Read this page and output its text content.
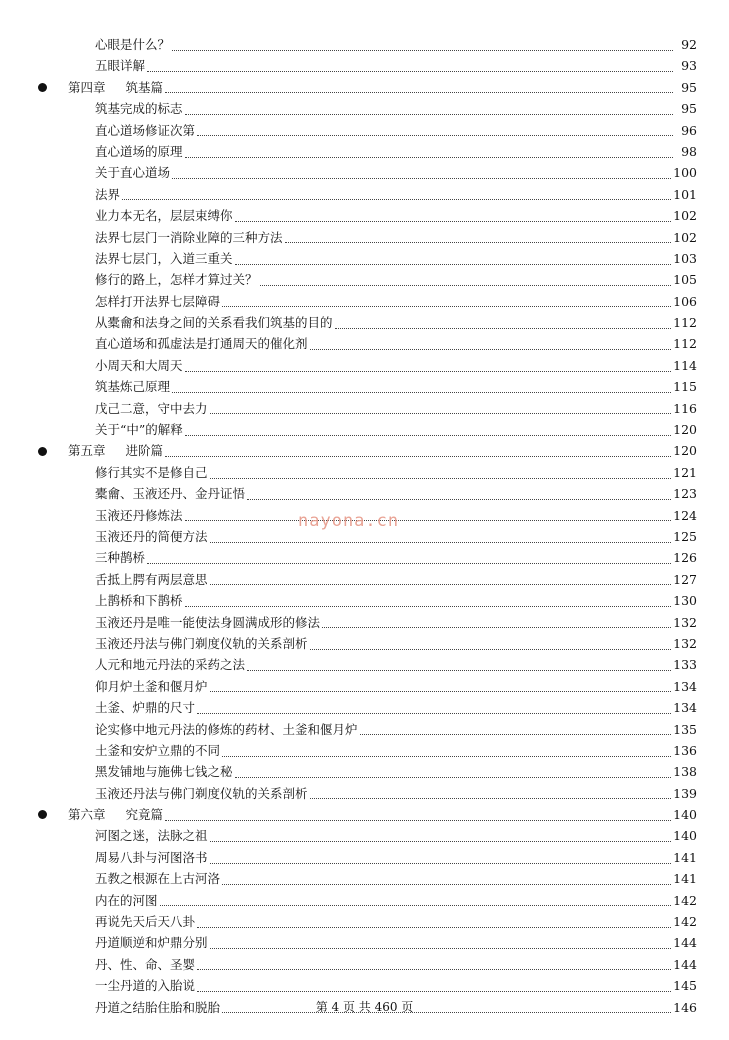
心眼是什么？	92
五眼详解	93
第四章 筑基篇	95
筑基完成的标志	95
直心道场修证次第	96
直心道场的原理	98
关于直心道场	100
法界	101
业力本无名，层层束缚你	102
法界七层门一消除业障的三种方法	102
法界七层门，入道三重关	103
修行的路上，怎样才算过关？	105
怎样打开法界七层障碍	106
从橐龠和法身之间的关系看我们筑基的目的	112
直心道场和孤虚法是打通周天的催化剂	112
小周天和大周天	114
筑基炼己原理	115
戊己二意，守中去力	116
关于“中”的解释	120
第五章 进阶篇	120
修行其实不是修自己	121
橐龠、玉液还丹、金丹证悟	123
玉液还丹修炼法	124
玉液还丹的简便方法	125
三种鹊桥	126
舌抵上腭有两层意思	127
上鹊桥和下鹊桥	130
玉液还丹是唯一能使法身圆满成形的修法	132
玉液还丹法与佛门剃度仪轨的关系剖析	132
人元和地元丹法的采药之法	133
仰月炉土釜和偃月炉	134
土釜、炉鼎的尺寸	134
论实修中地元丹法的修炼的药材、土釜和偃月炉	135
土釜和安炉立鼎的不同	136
黑发铺地与施佛七钱之秘	138
玉液还丹法与佛门剃度仪轨的关系剖析	139
第六章 究竟篇	140
河图之迷，法脉之祖	140
周易八卦与河图洛书	141
五教之根源在上古河洛	141
内在的河图	142
再说先天后天八卦	142
丹道顺逆和炉鼎分别	144
丹、性、命、圣婴	144
一尘丹道的入胎说	145
丹道之结胎住胎和脱胎	146
nayona.cn
第 4 页 共 460 页
